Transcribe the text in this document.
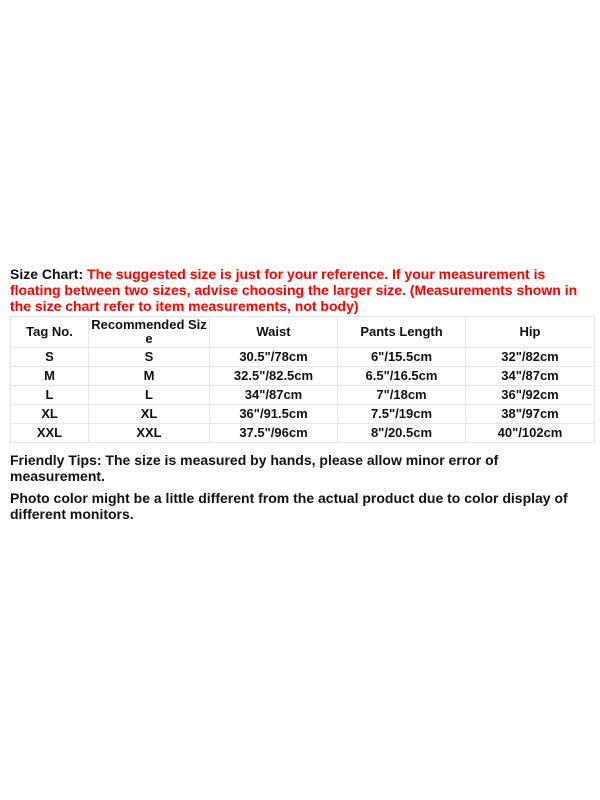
Size Chart: The suggested size is just for your reference. If your measurement is floating between two sizes, advise choosing the larger size. (Measurements shown in the size chart refer to item measurements, not body)

Tag No.	Recommended Size	Waist	Pants Length	Hip
S	S	30.5"/78cm	6"/15.5cm	32"/82cm
M	M	32.5"/82.5cm	6.5"/16.5cm	34"/87cm
L	L	34"/87cm	7"/18cm	36"/92cm
XL	XL	36"/91.5cm	7.5"/19cm	38"/97cm
XXL	XXL	37.5"/96cm	8"/20.5cm	40"/102cm

Friendly Tips: The size is measured by hands, please allow minor error of measurement.

Photo color might be a little different from the actual product due to color display of different monitors.
